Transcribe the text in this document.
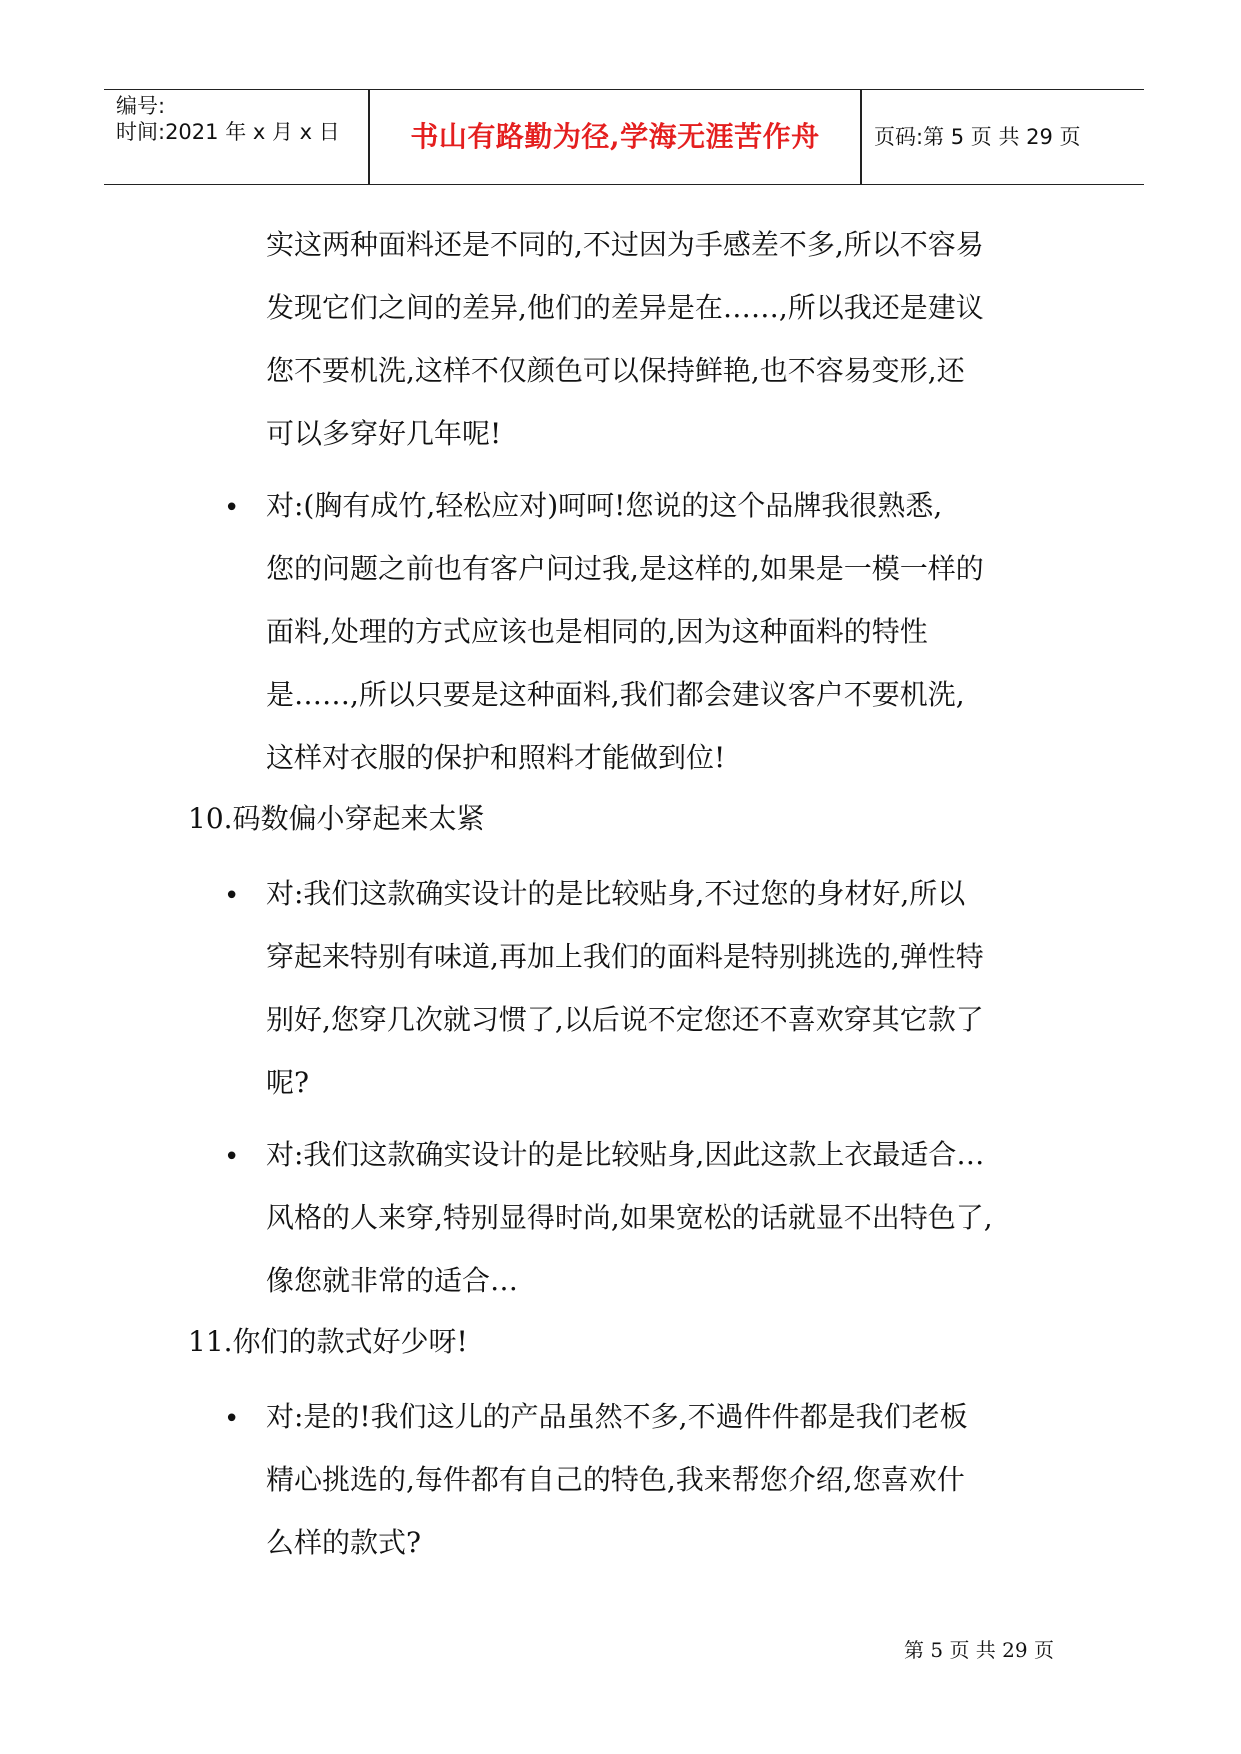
编号:
时间:2021 年 x 月 x 日	书山有路勤为径,学海无涯苦作舟	页码:第 5 页 共 29 页
实这两种面料还是不同的,不过因为手感差不多,所以不容易
发现它们之间的差异,他们的差异是在……,所以我还是建议
您不要机洗,这样不仅颜色可以保持鲜艳,也不容易变形,还
可以多穿好几年呢!
• 对:(胸有成竹,轻松应对)呵呵!您说的这个品牌我很熟悉,
您的问题之前也有客户问过我,是这样的,如果是一模一样的
面料,处理的方式应该也是相同的,因为这种面料的特性
是……,所以只要是这种面料,我们都会建议客户不要机洗,
这样对衣服的保护和照料才能做到位!
10.码数偏小穿起来太紧
• 对:我们这款确实设计的是比较贴身,不过您的身材好,所以
穿起来特别有味道,再加上我们的面料是特别挑选的,弹性特
别好,您穿几次就习惯了,以后说不定您还不喜欢穿其它款了
呢?
• 对:我们这款确实设计的是比较贴身,因此这款上衣最适合…
风格的人来穿,特别显得时尚,如果宽松的话就显不出特色了,
像您就非常的适合…
11.你们的款式好少呀!
• 对:是的!我们这儿的产品虽然不多,不過件件都是我们老板
精心挑选的,每件都有自己的特色,我来帮您介绍,您喜欢什
么样的款式?
第 5 页 共 29 页
